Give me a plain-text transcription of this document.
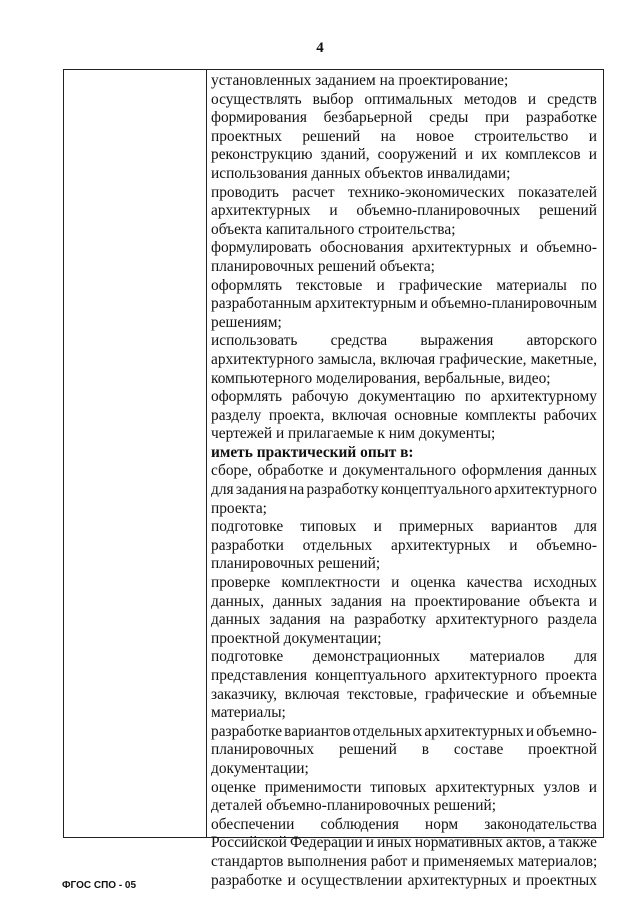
4
установленных заданием на проектирование;
осуществлять выбор оптимальных методов и средств
формирования безбарьерной среды при разработке
проектных решений на новое строительство и
реконструкцию зданий, сооружений и их комплексов и
использования данных объектов инвалидами;
проводить расчет технико-экономических показателей
архитектурных и объемно-планировочных решений
объекта капитального строительства;
формулировать обоснования архитектурных и объемно-
планировочных решений объекта;
оформлять текстовые и графические материалы по
разработанным архитектурным и объемно-планировочным
решениям;
использовать средства выражения авторского
архитектурного замысла, включая графические, макетные,
компьютерного моделирования, вербальные, видео;
оформлять рабочую документацию по архитектурному
разделу проекта, включая основные комплекты рабочих
чертежей и прилагаемые к ним документы;
иметь практический опыт в:
сборе, обработке и документального оформления данных
для задания на разработку концептуального архитектурного
проекта;
подготовке типовых и примерных вариантов для
разработки отдельных архитектурных и объемно-
планировочных решений;
проверке комплектности и оценка качества исходных
данных, данных задания на проектирование объекта и
данных задания на разработку архитектурного раздела
проектной документации;
подготовке демонстрационных материалов для
представления концептуального архитектурного проекта
заказчику, включая текстовые, графические и объемные
материалы;
разработке вариантов отдельных архитектурных и объемно-
планировочных решений в составе проектной
документации;
оценке применимости типовых архитектурных узлов и
деталей объемно-планировочных решений;
обеспечении соблюдения норм законодательства
Российской Федерации и иных нормативных актов, а также
стандартов выполнения работ и применяемых материалов;
разработке и осуществлении архитектурных и проектных
ФГОС СПО - 05
